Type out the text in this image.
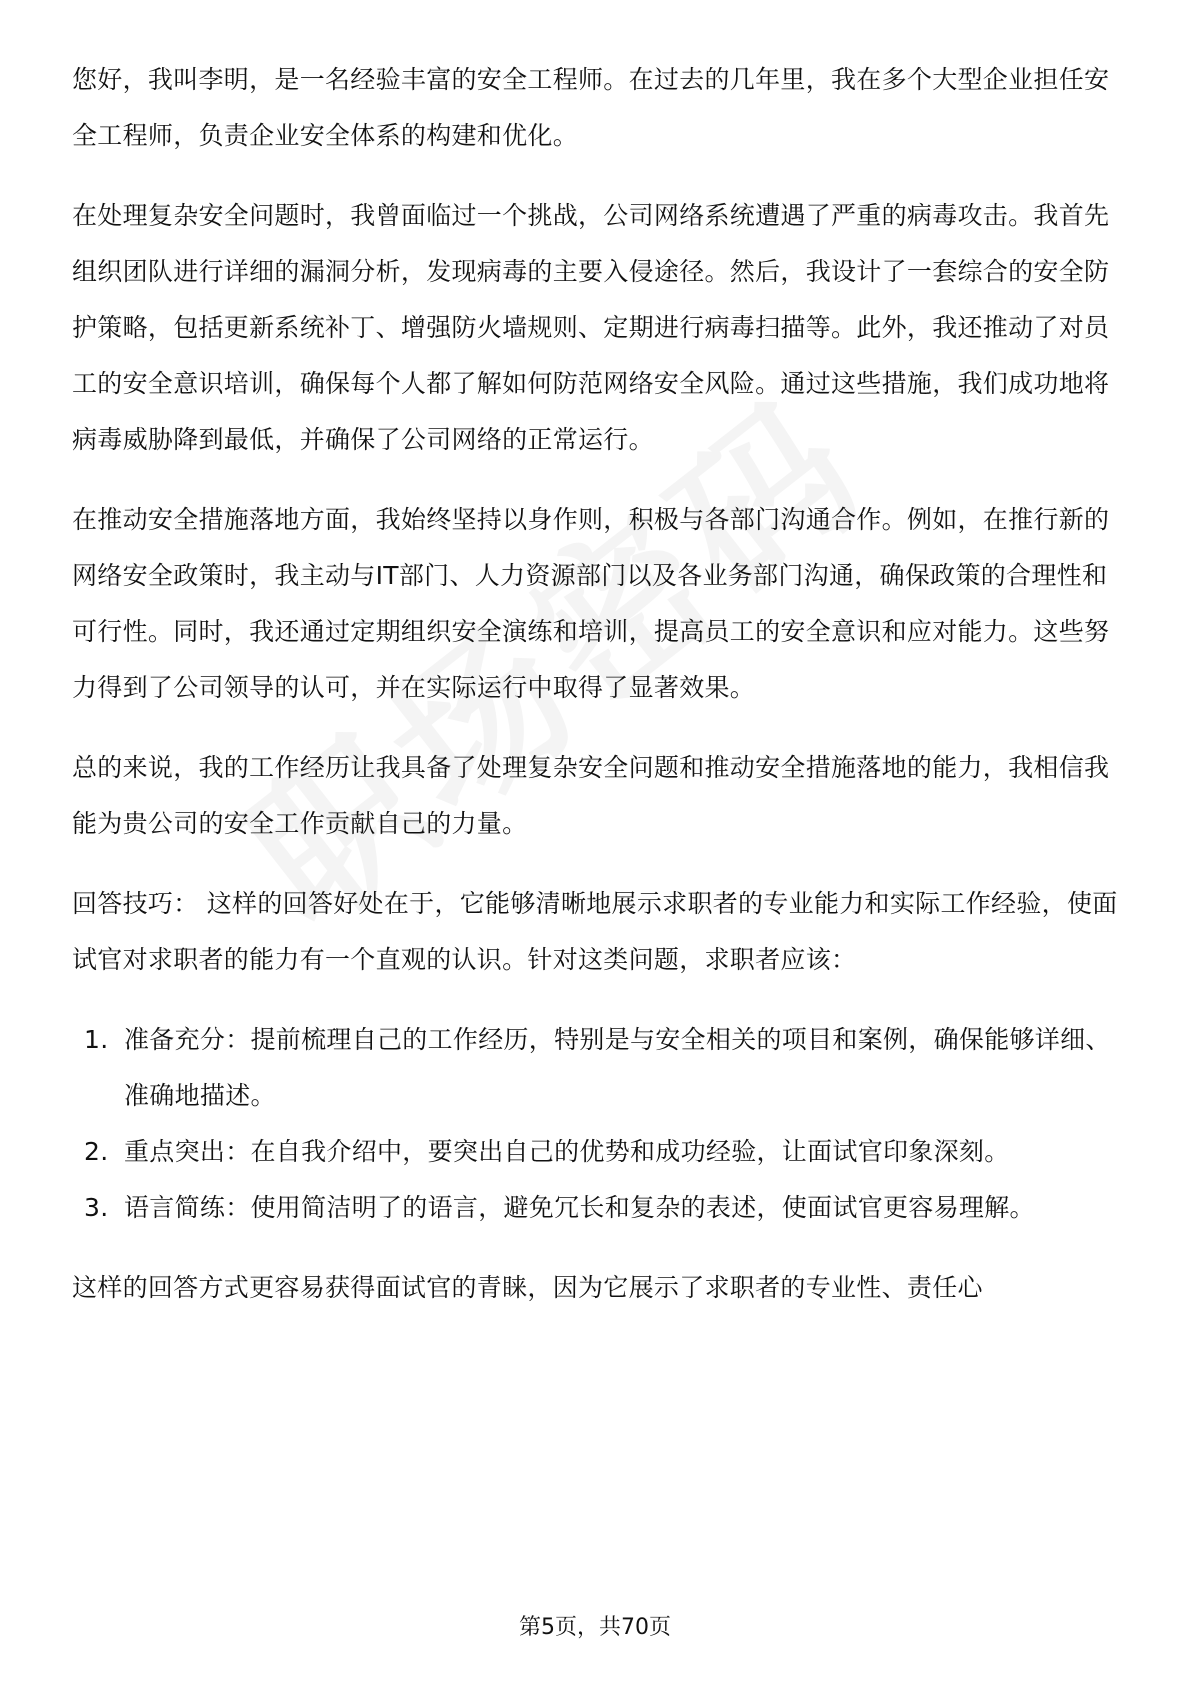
您好，我叫李明，是一名经验丰富的安全工程师。在过去的几年里，我在多个大型企业担任安全工程师，负责企业安全体系的构建和优化。

在处理复杂安全问题时，我曾面临过一个挑战，公司网络系统遭遇了严重的病毒攻击。我首先组织团队进行详细的漏洞分析，发现病毒的主要入侵途径。然后，我设计了一套综合的安全防护策略，包括更新系统补丁、增强防火墙规则、定期进行病毒扫描等。此外，我还推动了对员工的安全意识培训，确保每个人都了解如何防范网络安全风险。通过这些措施，我们成功地将病毒威胁降到最低，并确保了公司网络的正常运行。

在推动安全措施落地方面，我始终坚持以身作则，积极与各部门沟通合作。例如，在推行新的网络安全政策时，我主动与IT部门、人力资源部门以及各业务部门沟通，确保政策的合理性和可行性。同时，我还通过定期组织安全演练和培训，提高员工的安全意识和应对能力。这些努力得到了公司领导的认可，并在实际运行中取得了显著效果。

总的来说，我的工作经历让我具备了处理复杂安全问题和推动安全措施落地的能力，我相信我能为贵公司的安全工作贡献自己的力量。

回答技巧： 这样的回答好处在于，它能够清晰地展示求职者的专业能力和实际工作经验，使面试官对求职者的能力有一个直观的认识。针对这类问题，求职者应该：

1. 准备充分：提前梳理自己的工作经历，特别是与安全相关的项目和案例，确保能够详细、准确地描述。
2. 重点突出：在自我介绍中，要突出自己的优势和成功经验，让面试官印象深刻。
3. 语言简练：使用简洁明了的语言，避免冗长和复杂的表述，使面试官更容易理解。

这样的回答方式更容易获得面试官的青睐，因为它展示了求职者的专业性、责任心

第5页，共70页
